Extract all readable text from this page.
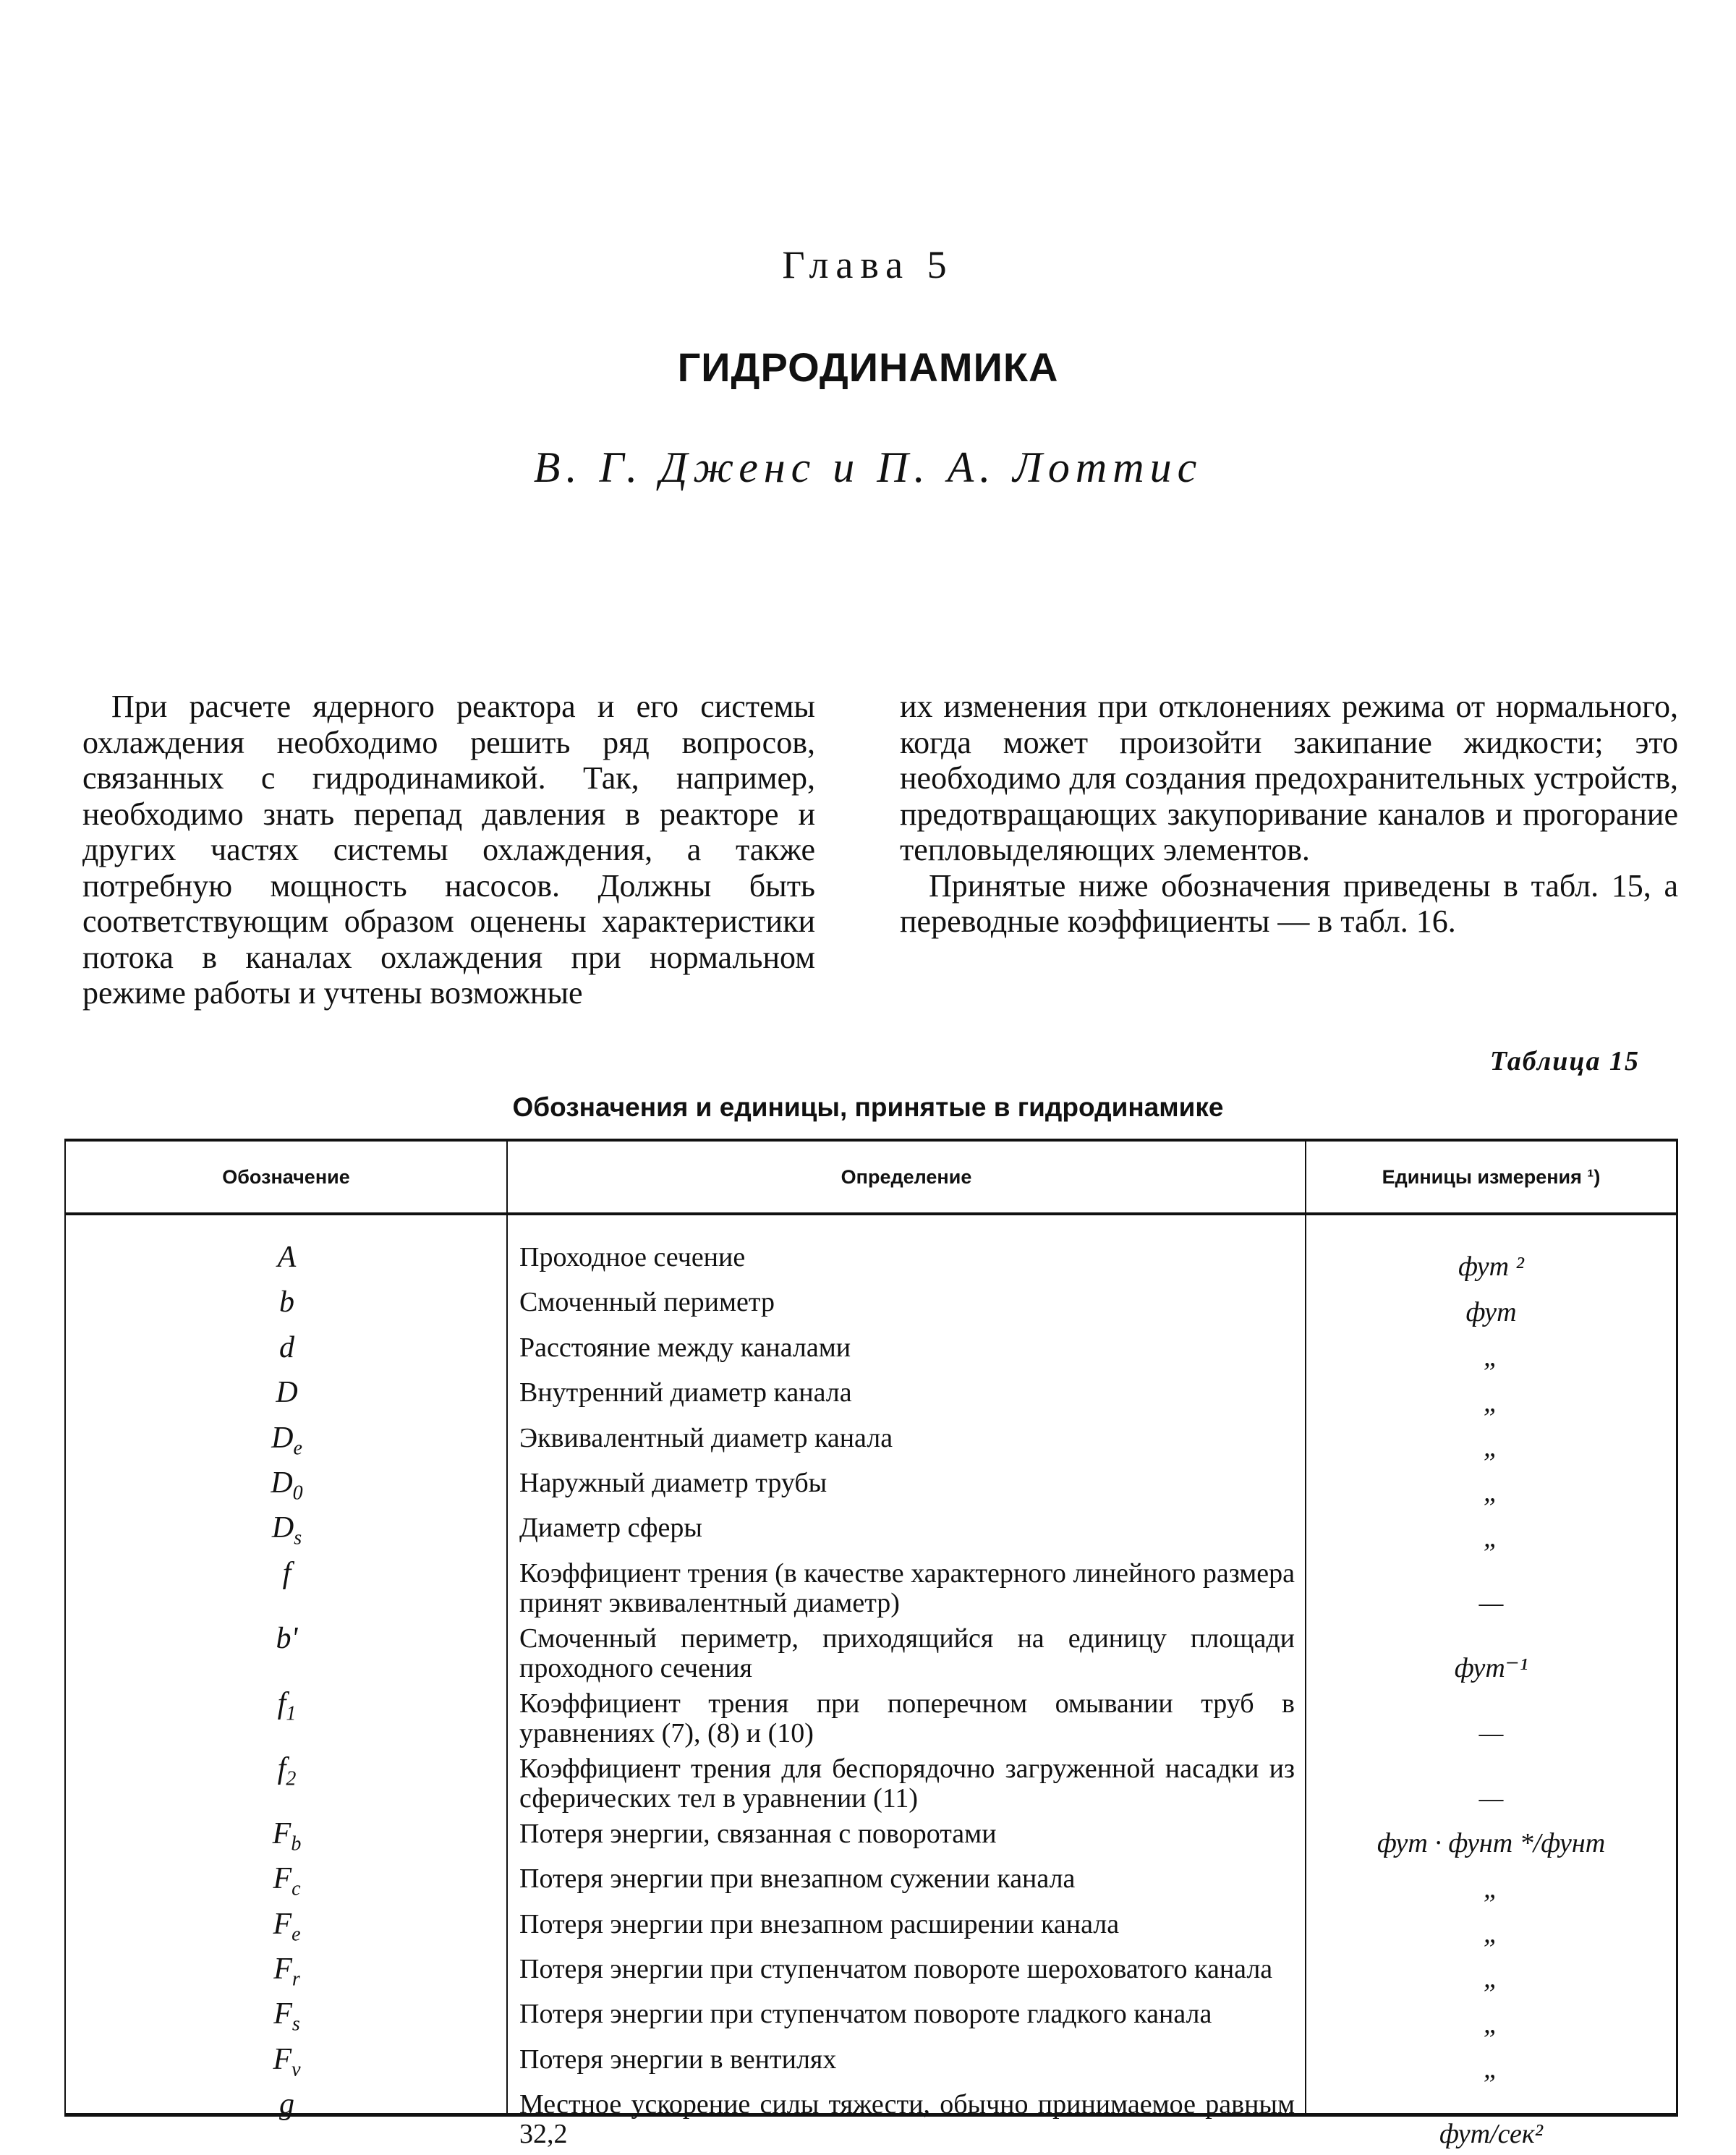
Глава 5
ГИДРОДИНАМИКА
В. Г. Дженс и П. А. Лоттис

При расчете ядерного реактора и его системы охлаждения необходимо решить ряд вопросов, связанных с гидродинамикой. Так, например, необходимо знать перепад давления в реакторе и других частях системы охлаждения, а также потребную мощность насосов. Должны быть соответствующим образом оценены характеристики потока в каналах охлаждения при нормальном режиме работы и учтены возможные

их изменения при отклонениях режима от нормального, когда может произойти закипание жидкости; это необходимо для создания предохранительных устройств, предотвращающих закупоривание каналов и прогорание тепловыделяющих элементов.

Принятые ниже обозначения приведены в табл. 15, а переводные коэффициенты — в табл. 16.

Таблица 15
Обозначения и единицы, принятые в гидродинамике
Обозначение	Определение	Единицы измерения ¹)
A	Проходное сечение	фут ²
b	Смоченный периметр	фут
d	Расстояние между каналами	„
D	Внутренний диаметр канала	„
$D_e$	Эквивалентный диаметр канала	„
$D_0$	Наружный диаметр трубы	„
$D_s$	Диаметр сферы	„
f	Коэффициент трения (в качестве характерного линейного размера принят эквивалентный диаметр)	—
b'	Смоченный периметр, приходящийся на единицу площади проходного сечения	фут⁻¹
$f_1$	Коэффициент трения при поперечном омывании труб в уравнениях (7), (8) и (10)	—
$f_2$	Коэффициент трения для беспорядочно загруженной насадки из сферических тел в уравнении (11)	—
$F_b$	Потеря энергии, связанная с поворотами	фут · фунт */фунт
$F_c$	Потеря энергии при внезапном сужении канала	„
$F_e$	Потеря энергии при внезапном расширении канала	„
$F_r$	Потеря энергии при ступенчатом повороте шероховатого канала	„
$F_s$	Потеря энергии при ступенчатом повороте гладкого канала	„
$F_v$	Потеря энергии в вентилях	„
g	Местное ускорение силы тяжести, обычно принимаемое равным 32,2	фут/сек²
